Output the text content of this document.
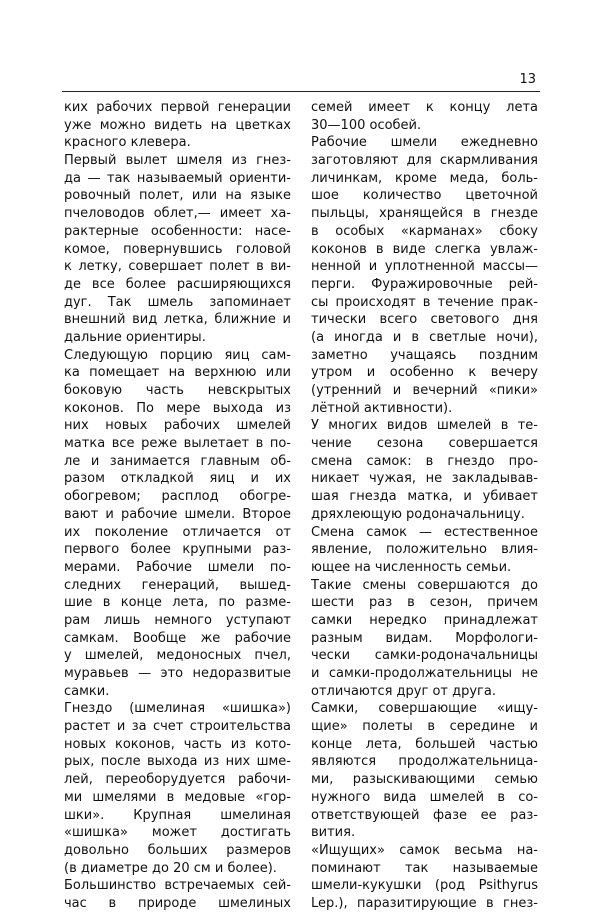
13
ких рабочих первой генерации
уже можно видеть на цветках
красного клевера.
Первый вылет шмеля из гнез-
да — так называемый ориенти-
ровочный полет, или на языке
пчеловодов облет,— имеет ха-
рактерные особенности: насе-
комое, повернувшись головой
к летку, совершает полет в ви-
де все более расширяющихся
дуг. Так шмель запоминает
внешний вид летка, ближние и
дальние ориентиры.
Следующую порцию яиц сам-
ка помещает на верхнюю или
боковую часть невскрытых
коконов. По мере выхода из
них новых рабочих шмелей
матка все реже вылетает в по-
ле и занимается главным об-
разом откладкой яиц и их
обогревом; расплод обогре-
вают и рабочие шмели. Второе
их поколение отличается от
первого более крупными раз-
мерами. Рабочие шмели по-
следних генераций, вышед-
шие в конце лета, по разме-
рам лишь немного уступают
самкам. Вообще же рабочие
у шмелей, медоносных пчел,
муравьев — это недоразвитые
самки.
Гнездо (шмелиная «шишка»)
растет и за счет строительства
новых коконов, часть из кото-
рых, после выхода из них шме-
лей, переоборудуется рабочи-
ми шмелями в медовые «гор-
шки». Крупная шмелиная
«шишка» может достигать
довольно больших размеров
(в диаметре до 20 см и более).
Большинство встречаемых сей-
час в природе шмелиных
семей имеет к концу лета
30—100 особей.
Рабочие шмели ежедневно
заготовляют для скармливания
личинкам, кроме меда, боль-
шое количество цветочной
пыльцы, хранящейся в гнезде
в особых «карманах» сбоку
коконов в виде слегка увлаж-
ненной и уплотненной массы—
перги. Фуражировочные рей-
сы происходят в течение прак-
тически всего светового дня
(а иногда и в светлые ночи),
заметно учащаясь поздним
утром и особенно к вечеру
(утренний и вечерний «пики»
лётной активности).
У многих видов шмелей в те-
чение сезона совершается
смена самок: в гнездо про-
никает чужая, не закладывав-
шая гнезда матка, и убивает
дряхлеющую родоначальницу.
Смена самок — естественное
явление, положительно влия-
ющее на численность семьи.
Такие смены совершаются до
шести раз в сезон, причем
самки нередко принадлежат
разным видам. Морфологи-
чески самки-родоначальницы
и самки-продолжательницы не
отличаются друг от друга.
Самки, совершающие «ищу-
щие» полеты в середине и
конце лета, большей частью
являются продолжательница-
ми, разыскивающими семью
нужного вида шмелей в со-
ответствующей фазе ее раз-
вития.
«Ищущих» самок весьма на-
поминают так называемые
шмели-кукушки (род Psithyrus
Lep.), паразитирующие в гнез-
